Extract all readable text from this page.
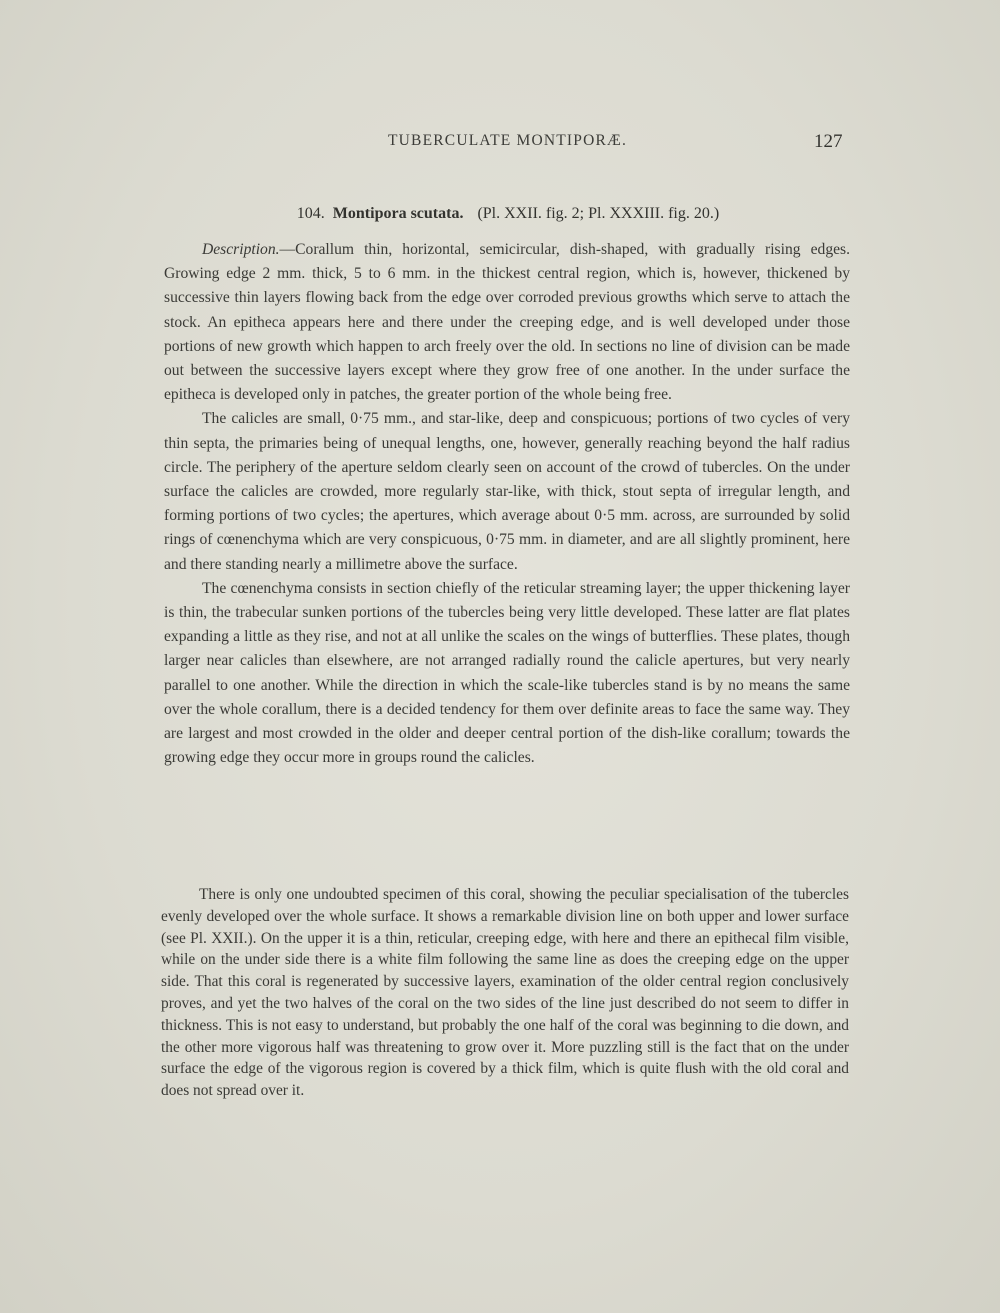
TUBERCULATE MONTIPORÆ.	127
104. Montipora scutata. (Pl. XXII. fig. 2; Pl. XXXIII. fig. 20.)

Description.—Corallum thin, horizontal, semicircular, dish-shaped, with gradually rising edges. Growing edge 2 mm. thick, 5 to 6 mm. in the thickest central region, which is, however, thickened by successive thin layers flowing back from the edge over corroded previous growths which serve to attach the stock. An epitheca appears here and there under the creeping edge, and is well developed under those portions of new growth which happen to arch freely over the old. In sections no line of division can be made out between the successive layers except where they grow free of one another. In the under surface the epitheca is developed only in patches, the greater portion of the whole being free.

The calicles are small, 0·75 mm., and star-like, deep and conspicuous; portions of two cycles of very thin septa, the primaries being of unequal lengths, one, however, generally reaching beyond the half radius circle. The periphery of the aperture seldom clearly seen on account of the crowd of tubercles. On the under surface the calicles are crowded, more regularly star-like, with thick, stout septa of irregular length, and forming portions of two cycles; the apertures, which average about 0·5 mm. across, are surrounded by solid rings of cœnenchyma which are very conspicuous, 0·75 mm. in diameter, and are all slightly prominent, here and there standing nearly a millimetre above the surface.

The cœnenchyma consists in section chiefly of the reticular streaming layer; the upper thickening layer is thin, the trabecular sunken portions of the tubercles being very little developed. These latter are flat plates expanding a little as they rise, and not at all unlike the scales on the wings of butterflies. These plates, though larger near calicles than elsewhere, are not arranged radially round the calicle apertures, but very nearly parallel to one another. While the direction in which the scale-like tubercles stand is by no means the same over the whole corallum, there is a decided tendency for them over definite areas to face the same way. They are largest and most crowded in the older and deeper central portion of the dish-like corallum; towards the growing edge they occur more in groups round the calicles.

There is only one undoubted specimen of this coral, showing the peculiar specialisation of the tubercles evenly developed over the whole surface. It shows a remarkable division line on both upper and lower surface (see Pl. XXII.). On the upper it is a thin, reticular, creeping edge, with here and there an epithecal film visible, while on the under side there is a white film following the same line as does the creeping edge on the upper side. That this coral is regenerated by successive layers, examination of the older central region conclusively proves, and yet the two halves of the coral on the two sides of the line just described do not seem to differ in thickness. This is not easy to understand, but probably the one half of the coral was beginning to die down, and the other more vigorous half was threatening to grow over it. More puzzling still is the fact that on the under surface the edge of the vigorous region is covered by a thick film, which is quite flush with the old coral and does not spread over it.
